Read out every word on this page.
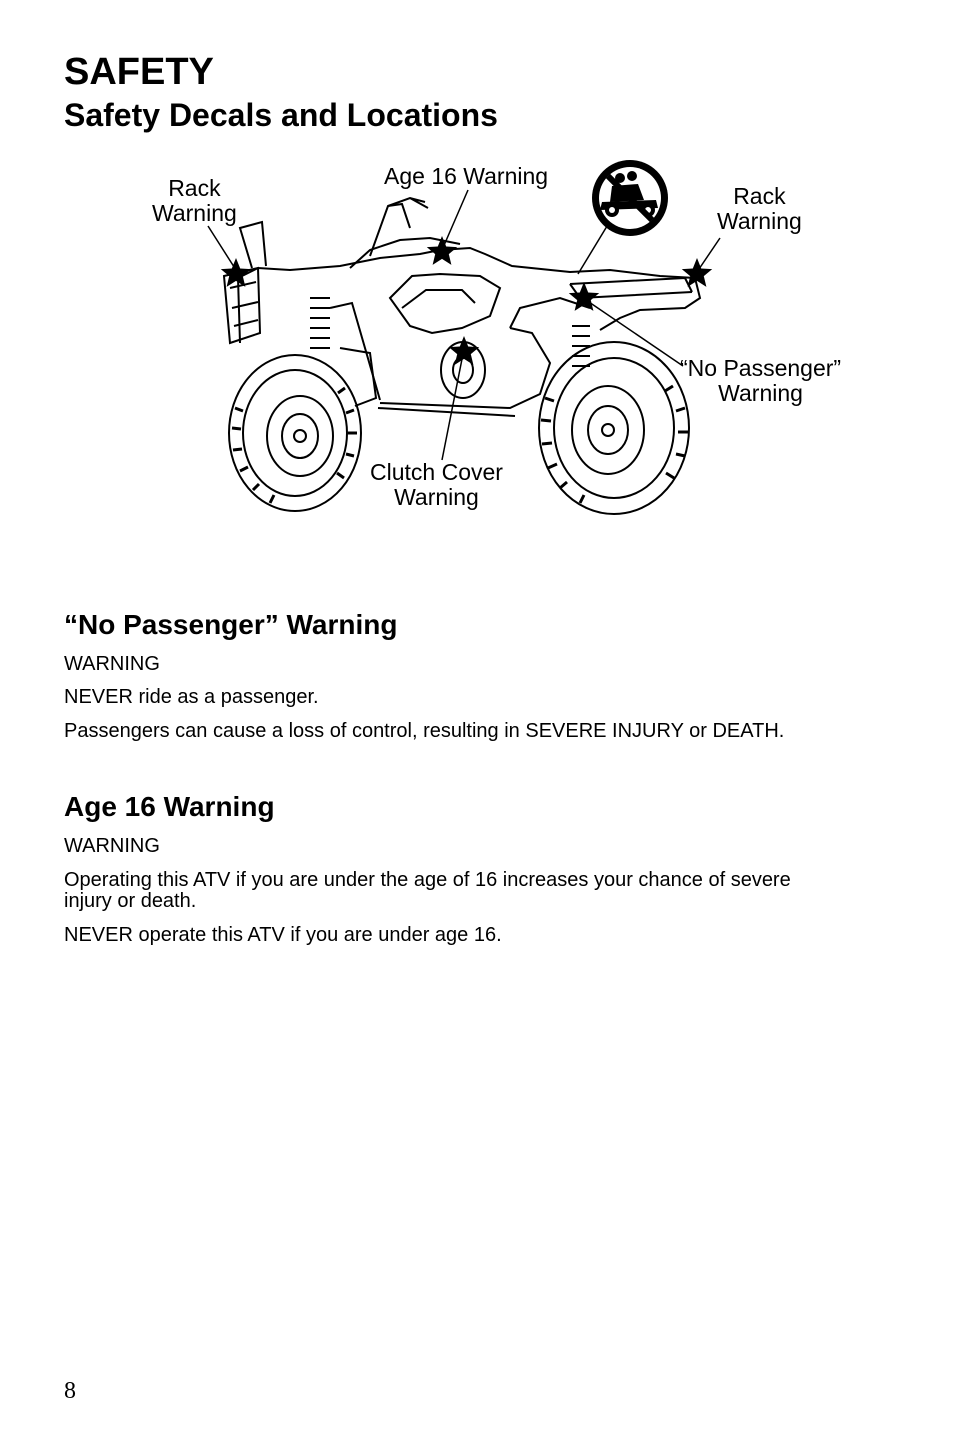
SAFETY
Safety Decals and Locations
Rack
Warning
Age 16 Warning
Rack
Warning
“No Passenger”
Warning
Clutch Cover
Warning
“No Passenger” Warning

WARNING

NEVER ride as a passenger.

Passengers can cause a loss of control, resulting in SEVERE INJURY or DEATH.

Age 16 Warning

WARNING

Operating this ATV if you are under the age of 16 increases your chance of severe injury or death.

NEVER operate this ATV if you are under age 16.

8
